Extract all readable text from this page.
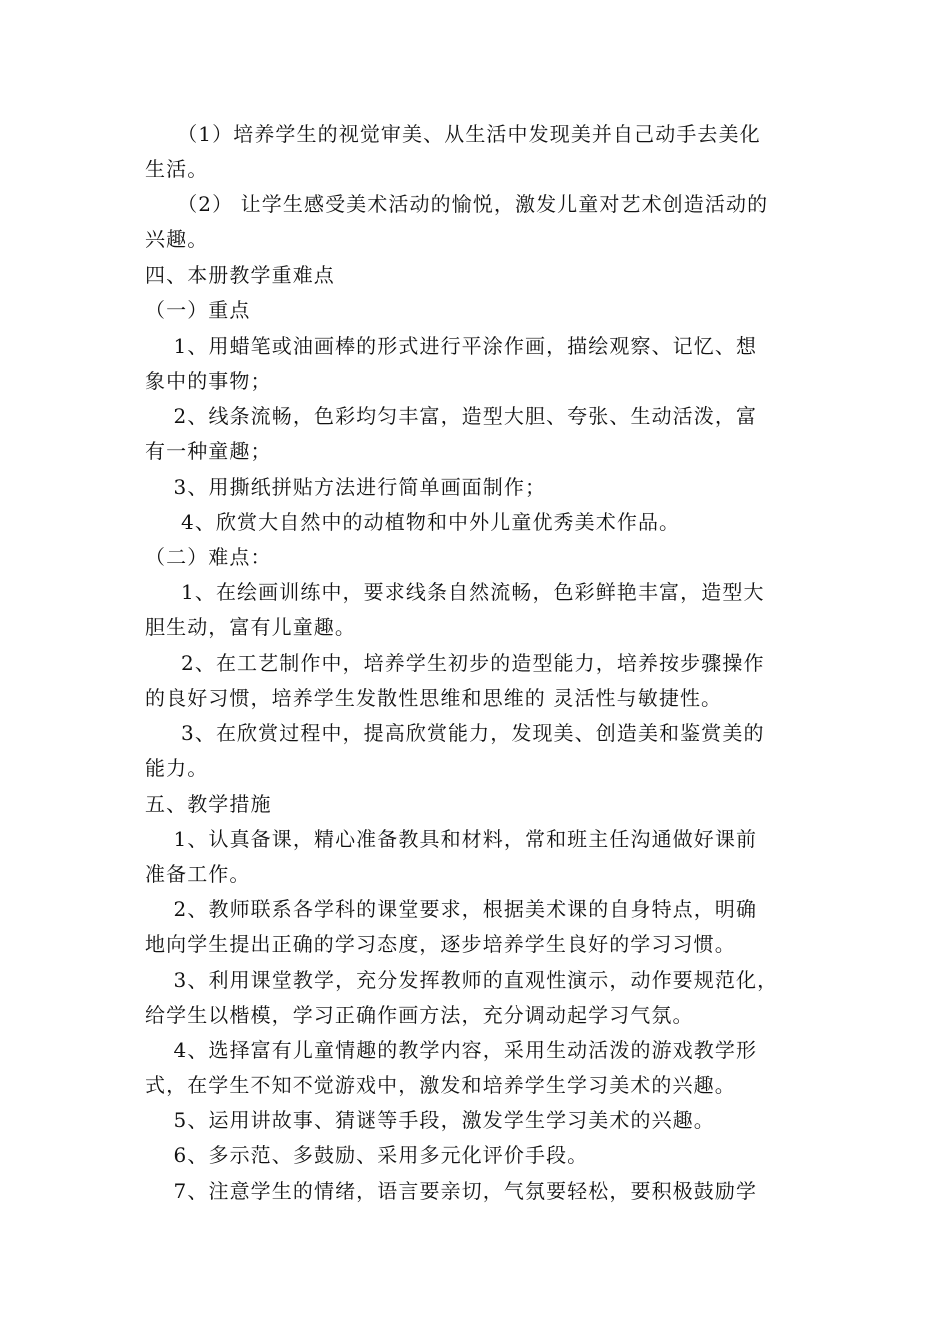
　　（1）培养学生的视觉审美、从生活中发现美并自己动手去美化
生活。
　　（2） 让学生感受美术活动的愉悦，激发儿童对艺术创造活动的
兴趣。
四、本册教学重难点
（一）重点
　 1、用蜡笔或油画棒的形式进行平涂作画，描绘观察、记忆、想
象中的事物；
　 2、线条流畅，色彩均匀丰富，造型大胆、夸张、生动活泼，富
有一种童趣；
　 3、用撕纸拼贴方法进行简单画面制作；
　  4、欣赏大自然中的动植物和中外儿童优秀美术作品。
（二）难点：
　  1、在绘画训练中，要求线条自然流畅，色彩鲜艳丰富，造型大
胆生动，富有儿童趣。
　  2、在工艺制作中，培养学生初步的造型能力，培养按步骤操作
的良好习惯，培养学生发散性思维和思维的 灵活性与敏捷性。
　  3、在欣赏过程中，提高欣赏能力，发现美、创造美和鉴赏美的
能力。
五、教学措施
　 1、认真备课，精心准备教具和材料，常和班主任沟通做好课前
准备工作。
　 2、教师联系各学科的课堂要求，根据美术课的自身特点，明确
地向学生提出正确的学习态度，逐步培养学生良好的学习习惯。
　 3、利用课堂教学，充分发挥教师的直观性演示，动作要规范化，
给学生以楷模，学习正确作画方法，充分调动起学习气氛。
　 4、选择富有儿童情趣的教学内容，采用生动活泼的游戏教学形
式，在学生不知不觉游戏中，激发和培养学生学习美术的兴趣。
　 5、运用讲故事、猜谜等手段，激发学生学习美术的兴趣。
　 6、多示范、多鼓励、采用多元化评价手段。
　 7、注意学生的情绪，语言要亲切，气氛要轻松，要积极鼓励学
